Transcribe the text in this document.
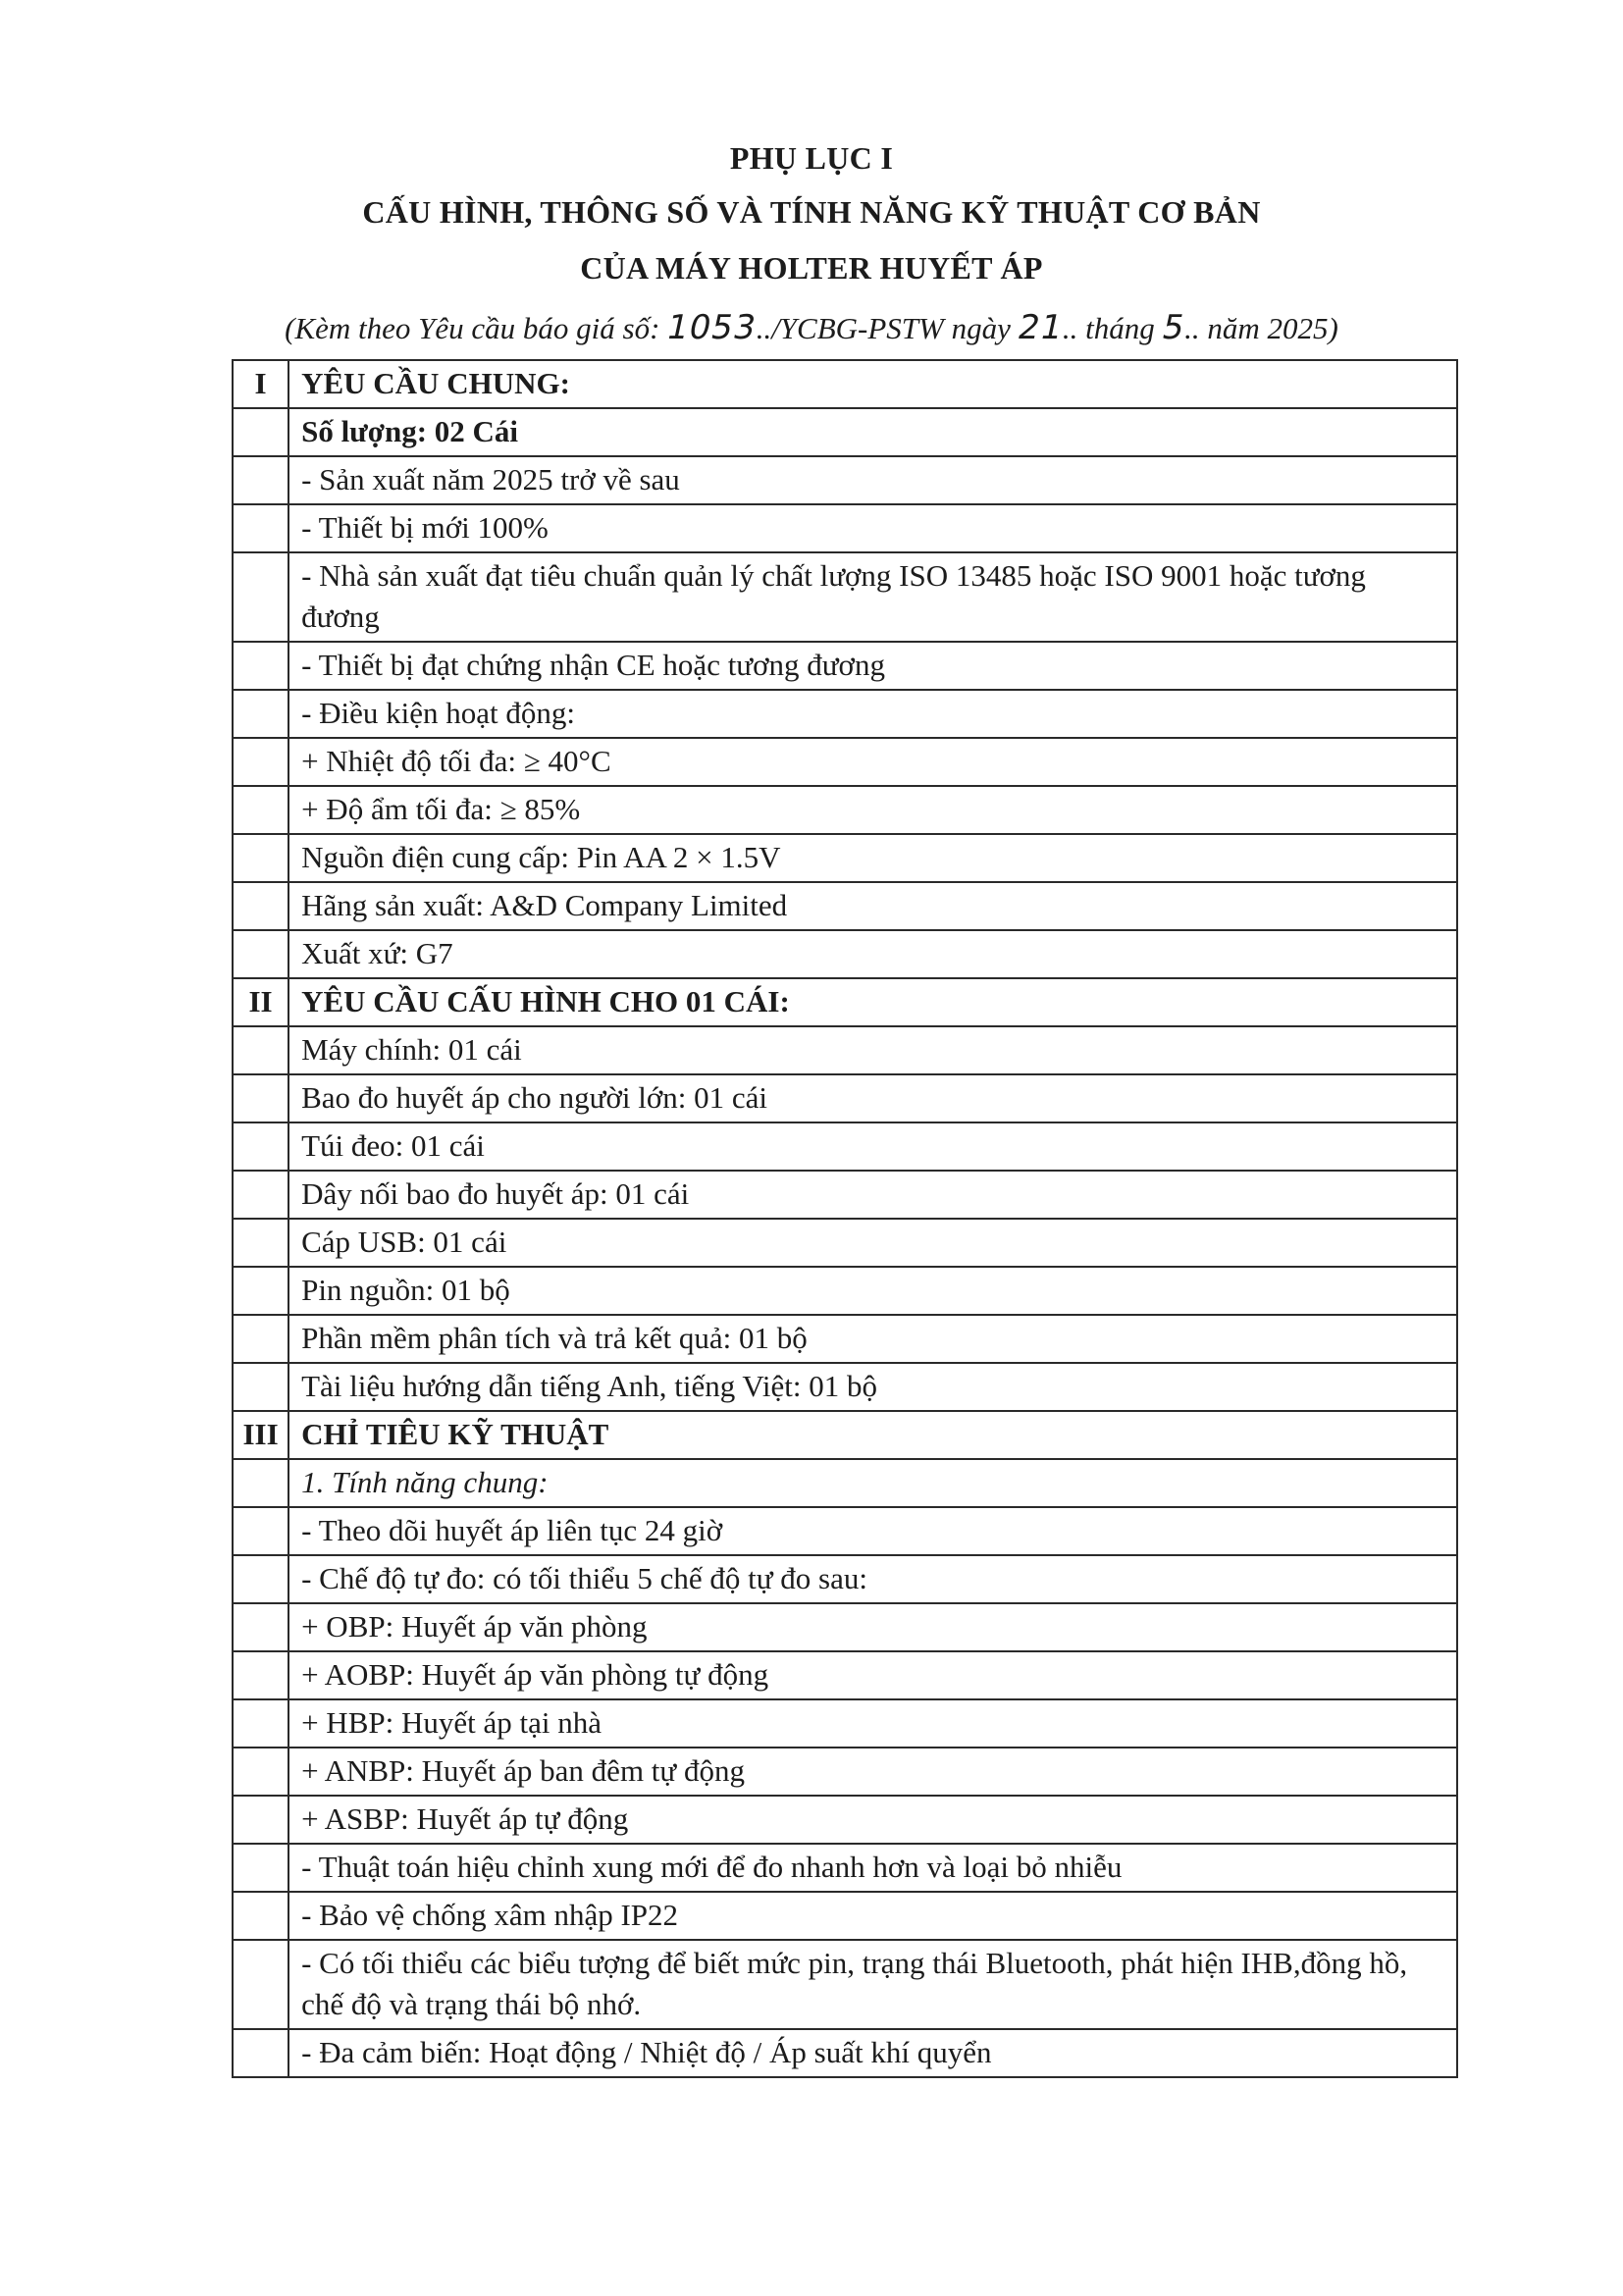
PHỤ LỤC I
CẤU HÌNH, THÔNG SỐ VÀ TÍNH NĂNG KỸ THUẬT CƠ BẢN
CỦA MÁY HOLTER HUYẾT ÁP
(Kèm theo Yêu cầu báo giá số: 1053../YCBG-PSTW ngày 21.. tháng 5.. năm 2025)
I	YÊU CẦU CHUNG:
	Số lượng: 02 Cái
	- Sản xuất năm 2025 trở về sau
	- Thiết bị mới 100%
	- Nhà sản xuất đạt tiêu chuẩn quản lý chất lượng ISO 13485 hoặc ISO 9001 hoặc tương đương
	- Thiết bị đạt chứng nhận CE hoặc tương đương
	- Điều kiện hoạt động:
	+ Nhiệt độ tối đa: ≥ 40°C
	+ Độ ẩm tối đa: ≥ 85%
	Nguồn điện cung cấp: Pin AA 2 × 1.5V
	Hãng sản xuất: A&D Company Limited
	Xuất xứ: G7
II	YÊU CẦU CẤU HÌNH CHO 01 CÁI:
	Máy chính: 01 cái
	Bao đo huyết áp cho người lớn: 01 cái
	Túi đeo: 01 cái
	Dây nối bao đo huyết áp: 01 cái
	Cáp USB: 01 cái
	Pin nguồn: 01 bộ
	Phần mềm phân tích và trả kết quả: 01 bộ
	Tài liệu hướng dẫn tiếng Anh, tiếng Việt: 01 bộ
III	CHỈ TIÊU KỸ THUẬT
	1. Tính năng chung:
	- Theo dõi huyết áp liên tục 24 giờ
	- Chế độ tự đo: có tối thiểu 5 chế độ tự đo sau:
	+ OBP: Huyết áp văn phòng
	+ AOBP: Huyết áp văn phòng tự động
	+ HBP: Huyết áp tại nhà
	+ ANBP: Huyết áp ban đêm tự động
	+ ASBP: Huyết áp tự động
	- Thuật toán hiệu chỉnh xung mới để đo nhanh hơn và loại bỏ nhiễu
	- Bảo vệ chống xâm nhập IP22
	- Có tối thiểu các biểu tượng để biết mức pin, trạng thái Bluetooth, phát hiện IHB,đồng hồ, chế độ và trạng thái bộ nhớ.
	- Đa cảm biến: Hoạt động / Nhiệt độ / Áp suất khí quyển
